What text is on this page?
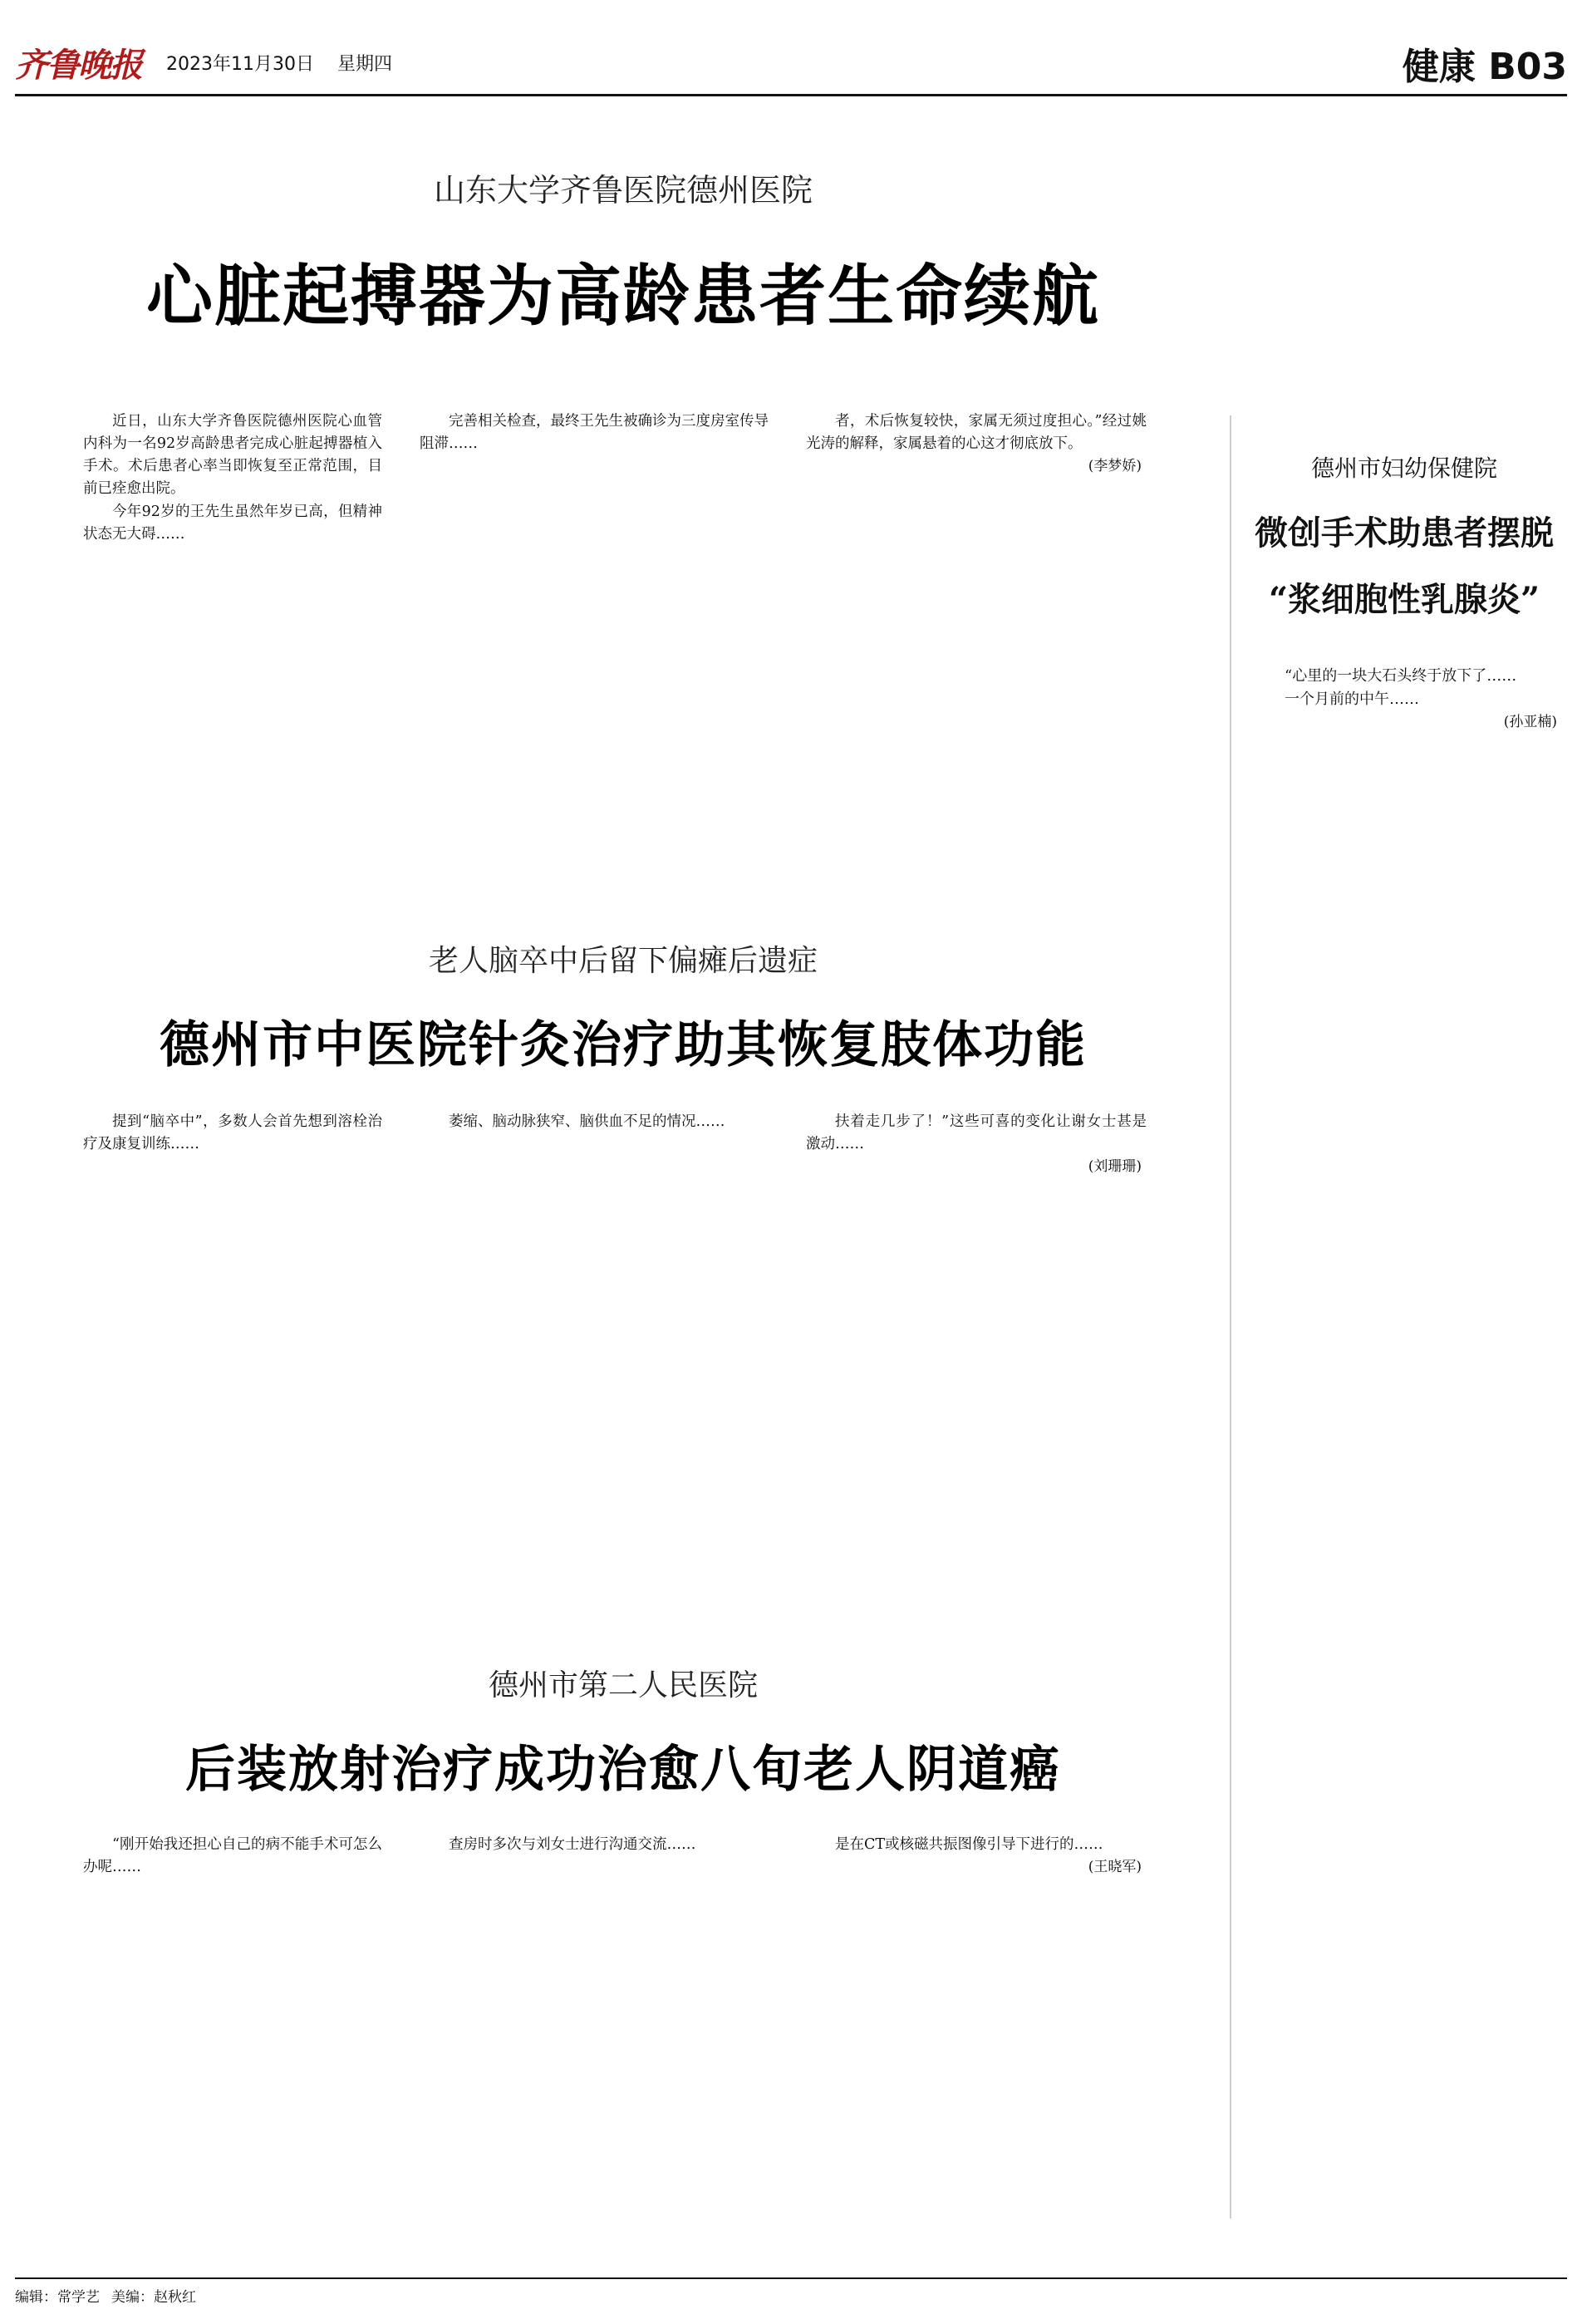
齐鲁晚报 2023年11月30日 星期四	健康 B03
山东大学齐鲁医院德州医院
心脏起搏器为高龄患者生命续航

近日，山东大学齐鲁医院德州医院心血管内科为一名92岁高龄患者完成心脏起搏器植入手术。术后患者心率当即恢复至正常范围，目前已痊愈出院。

今年92岁的王先生虽然年岁已高，但精神状态无大碍……

完善相关检查，最终王先生被确诊为三度房室传导阻滞……

者，术后恢复较快，家属无须过度担心。”经过姚光涛的解释，家属悬着的心这才彻底放下。

(李梦娇)
老人脑卒中后留下偏瘫后遗症
德州市中医院针灸治疗助其恢复肢体功能

提到“脑卒中”，多数人会首先想到溶栓治疗及康复训练……

萎缩、脑动脉狭窄、脑供血不足的情况……	扶着走几步了！”这些可喜的变化让谢女士甚是激动……

(刘珊珊)
德州市第二人民医院
后装放射治疗成功治愈八旬老人阴道癌

“刚开始我还担心自己的病不能手术可怎么办呢……

查房时多次与刘女士进行沟通交流……	是在CT或核磁共振图像引导下进行的……

(王晓军)
德州市妇幼保健院
微创手术助患者摆脱
“浆细胞性乳腺炎”

“心里的一块大石头终于放下了……

一个月前的中午……

(孙亚楠)
编辑：常学艺 美编：赵秋红
